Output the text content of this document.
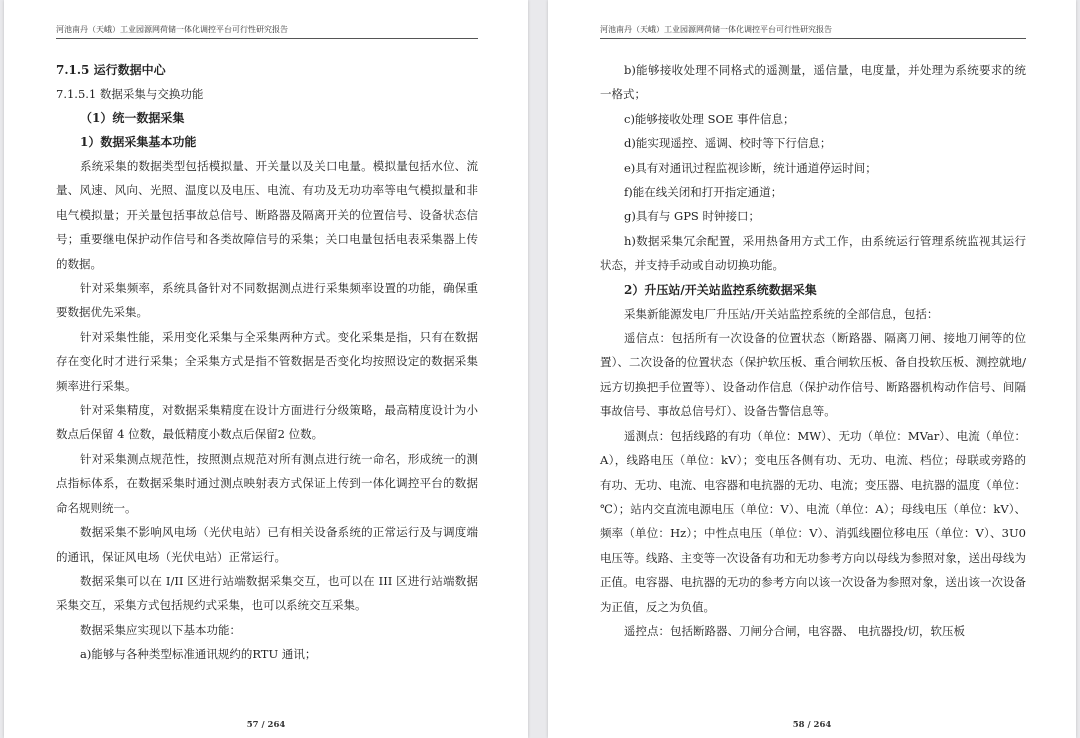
河池南丹（天峨）工业园源网荷储一体化调控平台可行性研究报告
7.1.5 运行数据中心
7.1.5.1 数据采集与交换功能
（1）统一数据采集
1）数据采集基本功能

系统采集的数据类型包括模拟量、开关量以及关口电量。模拟量包括水位、流量、风速、风向、光照、温度以及电压、电流、有功及无功功率等电气模拟量和非电气模拟量；开关量包括事故总信号、断路器及隔离开关的位置信号、设备状态信号；重要继电保护动作信号和各类故障信号的采集；关口电量包括电表采集器上传的数据。

针对采集频率，系统具备针对不同数据测点进行采集频率设置的功能，确保重要数据优先采集。

针对采集性能，采用变化采集与全采集两种方式。变化采集是指，只有在数据存在变化时才进行采集；全采集方式是指不管数据是否变化均按照设定的数据采集频率进行采集。

针对采集精度，对数据采集精度在设计方面进行分级策略，最高精度设计为小数点后保留 4 位数，最低精度小数点后保留2 位数。

针对采集测点规范性，按照测点规范对所有测点进行统一命名，形成统一的测点指标体系，在数据采集时通过测点映射表方式保证上传到一体化调控平台的数据命名规则统一。

数据采集不影响风电场（光伏电站）已有相关设备系统的正常运行及与调度端的通讯，保证风电场（光伏电站）正常运行。

数据采集可以在 I/II 区进行站端数据采集交互，也可以在 III 区进行站端数据采集交互，采集方式包括规约式采集，也可以系统交互采集。

数据采集应实现以下基本功能：

a)能够与各种类型标准通讯规约的RTU 通讯；

57 / 264
河池南丹（天峨）工业园源网荷储一体化调控平台可行性研究报告

b)能够接收处理不同格式的遥测量，遥信量，电度量，并处理为系统要求的统一格式；

c)能够接收处理 SOE 事件信息；

d)能实现遥控、遥调、校时等下行信息；

e)具有对通讯过程监视诊断，统计通道停运时间；

f)能在线关闭和打开指定通道；

g)具有与 GPS 时钟接口；

h)数据采集冗余配置，采用热备用方式工作，由系统运行管理系统监视其运行状态，并支持手动或自动切换功能。

2）升压站/开关站监控系统数据采集

采集新能源发电厂升压站/开关站监控系统的全部信息，包括：

遥信点：包括所有一次设备的位置状态（断路器、隔离刀闸、接地刀闸等的位置）、二次设备的位置状态（保护软压板、重合闸软压板、备自投软压板、测控就地/远方切换把手位置等）、设备动作信息（保护动作信号、断路器机构动作信号、间隔事故信号、事故总信号灯）、设备告警信息等。

遥测点：包括线路的有功（单位：MW）、无功（单位：MVar）、电流（单位：A），线路电压（单位：kV）；变电压各侧有功、无功、电流、档位；母联或旁路的有功、无功、电流、电容器和电抗器的无功、电流；变压器、电抗器的温度（单位：℃）；站内交直流电源电压（单位：V）、电流（单位：A）；母线电压（单位：kV）、频率（单位：Hz）；中性点电压（单位：V）、消弧线圈位移电压（单位：V）、3U0 电压等。线路、主变等一次设备有功和无功参考方向以母线为参照对象，送出母线为正值。电容器、电抗器的无功的参考方向以该一次设备为参照对象，送出该一次设备为正值，反之为负值。

遥控点：包括断路器、刀闸分合闸，电容器、 电抗器投/切，软压板

58 / 264
